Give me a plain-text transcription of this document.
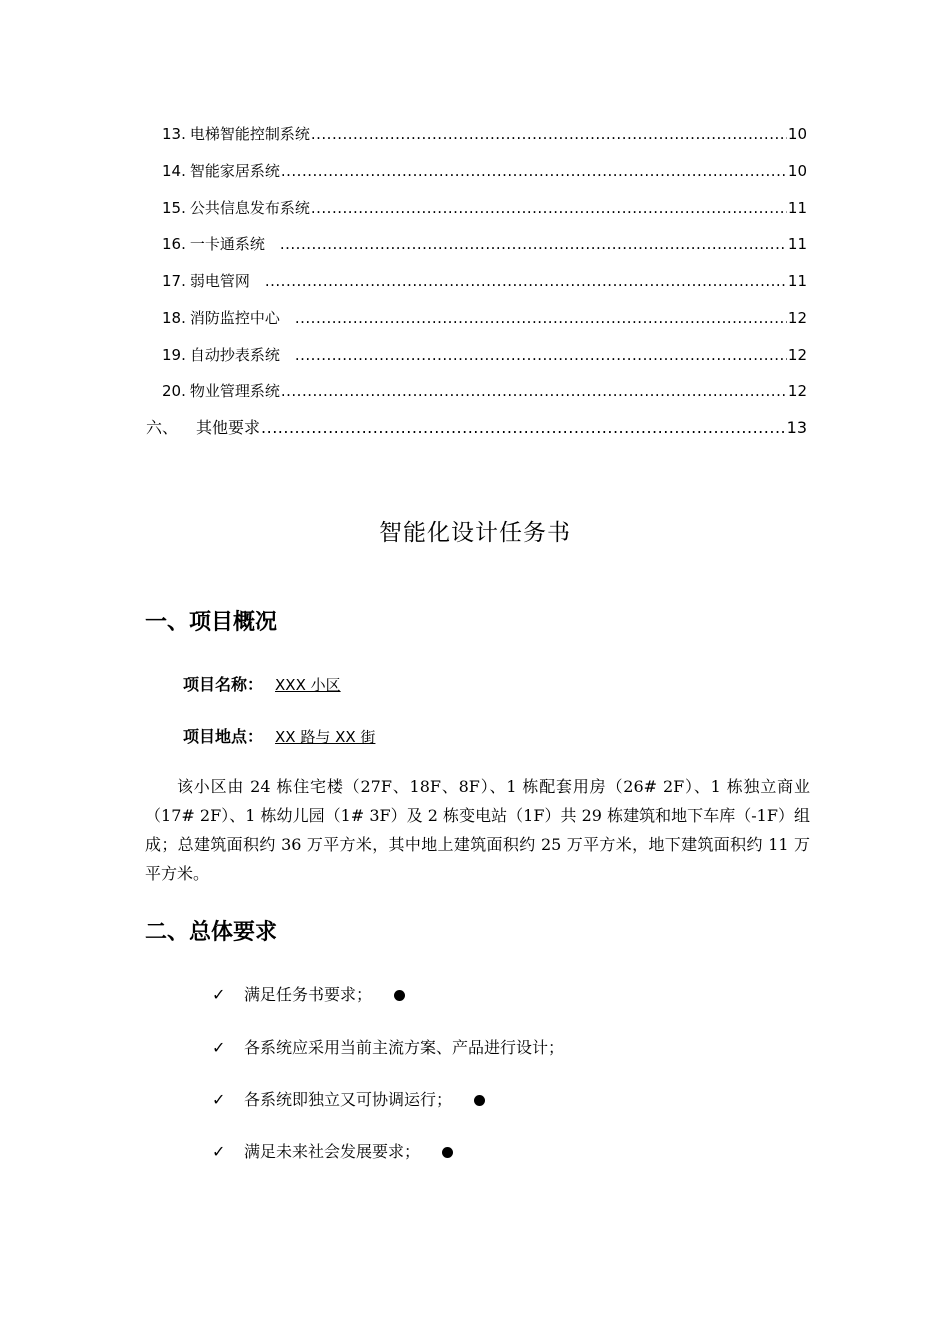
13. 电梯智能控制系统 .....	10
14. 智能家居系统 .....	10
15. 公共信息发布系统 .....	11
16. 一卡通系统 .....	11
17. 弱电管网 .....	11
18. 消防监控中心 .....	12
19. 自动抄表系统 .....	12
20. 物业管理系统 .....	12
六、 其他要求 .....	13
智能化设计任务书
一、项目概况
项目名称： XXX 小区
项目地点： XX 路与 XX 街
该小区由 24 栋住宅楼（27F、18F、8F）、1 栋配套用房（26# 2F）、1 栋独立商业（17# 2F）、1 栋幼儿园（1# 3F）及 2 栋变电站（1F）共 29 栋建筑和地下车库（-1F）组成；总建筑面积约 36 万平方米，其中地上建筑面积约 25 万平方米，地下建筑面积约 11 万平方米。
二、总体要求
✓	满足任务书要求；
✓	各系统应采用当前主流方案、产品进行设计；
✓	各系统即独立又可协调运行；
✓	满足未来社会发展要求；
